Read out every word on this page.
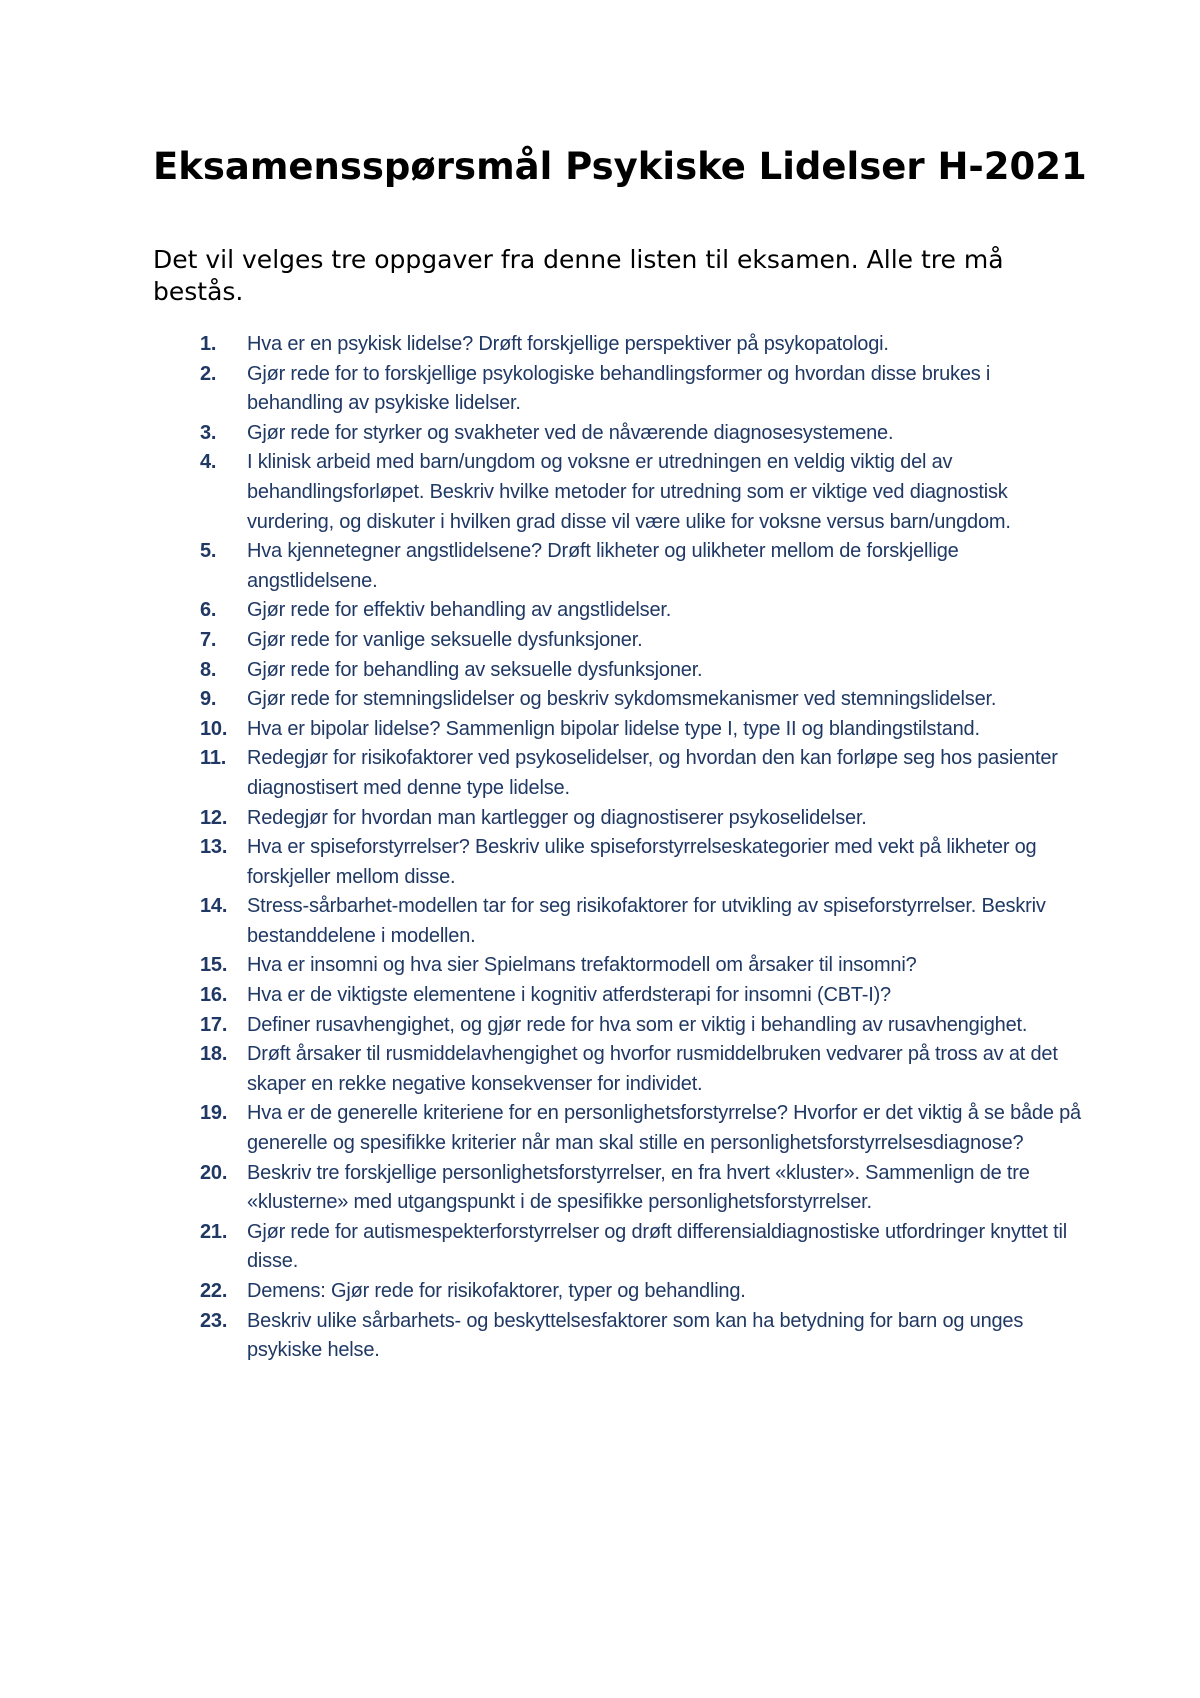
Eksamensspørsmål Psykiske Lidelser H-2021

Det vil velges tre oppgaver fra denne listen til eksamen. Alle tre må bestås.

1.	Hva er en psykisk lidelse? Drøft forskjellige perspektiver på psykopatologi.
2.	Gjør rede for to forskjellige psykologiske behandlingsformer og hvordan disse brukes i behandling av psykiske lidelser.
3.	Gjør rede for styrker og svakheter ved de nåværende diagnosesystemene.
4.	I klinisk arbeid med barn/ungdom og voksne er utredningen en veldig viktig del av behandlingsforløpet. Beskriv hvilke metoder for utredning som er viktige ved diagnostisk vurdering, og diskuter i hvilken grad disse vil være ulike for voksne versus barn/ungdom.
5.	Hva kjennetegner angstlidelsene? Drøft likheter og ulikheter mellom de forskjellige angstlidelsene.
6.	Gjør rede for effektiv behandling av angstlidelser.
7.	Gjør rede for vanlige seksuelle dysfunksjoner.
8.	Gjør rede for behandling av seksuelle dysfunksjoner.
9.	Gjør rede for stemningslidelser og beskriv sykdomsmekanismer ved stemningslidelser.
10. Hva er bipolar lidelse? Sammenlign bipolar lidelse type I, type II og blandingstilstand.
11.	Redegjør for risikofaktorer ved psykoselidelser, og hvordan den kan forløpe seg hos pasienter diagnostisert med denne type lidelse.
12. Redegjør for hvordan man kartlegger og diagnostiserer psykoselidelser.
13. Hva er spiseforstyrrelser? Beskriv ulike spiseforstyrrelseskategorier med vekt på likheter og forskjeller mellom disse.
14. Stress-sårbarhet-modellen tar for seg risikofaktorer for utvikling av spiseforstyrrelser. Beskriv bestanddelene i modellen.
15. Hva er insomni og hva sier Spielmans trefaktormodell om årsaker til insomni?
16. Hva er de viktigste elementene i kognitiv atferdsterapi for insomni (CBT-I)?
17. Definer rusavhengighet, og gjør rede for hva som er viktig i behandling av rusavhengighet.
18. Drøft årsaker til rusmiddelavhengighet og hvorfor rusmiddelbruken vedvarer på tross av at det skaper en rekke negative konsekvenser for individet.
19. Hva er de generelle kriteriene for en personlighetsforstyrrelse? Hvorfor er det viktig å se både på generelle og spesifikke kriterier når man skal stille en personlighetsforstyrrelsesdiagnose?
20. Beskriv tre forskjellige personlighetsforstyrrelser, en fra hvert «kluster». Sammenlign de tre «klusterne» med utgangspunkt i de spesifikke personlighetsforstyrrelser.
21. Gjør rede for autismespekterforstyrrelser og drøft differensialdiagnostiske utfordringer knyttet til disse.
22. Demens: Gjør rede for risikofaktorer, typer og behandling.
23. Beskriv ulike sårbarhets- og beskyttelsesfaktorer som kan ha betydning for barn og unges psykiske helse.
